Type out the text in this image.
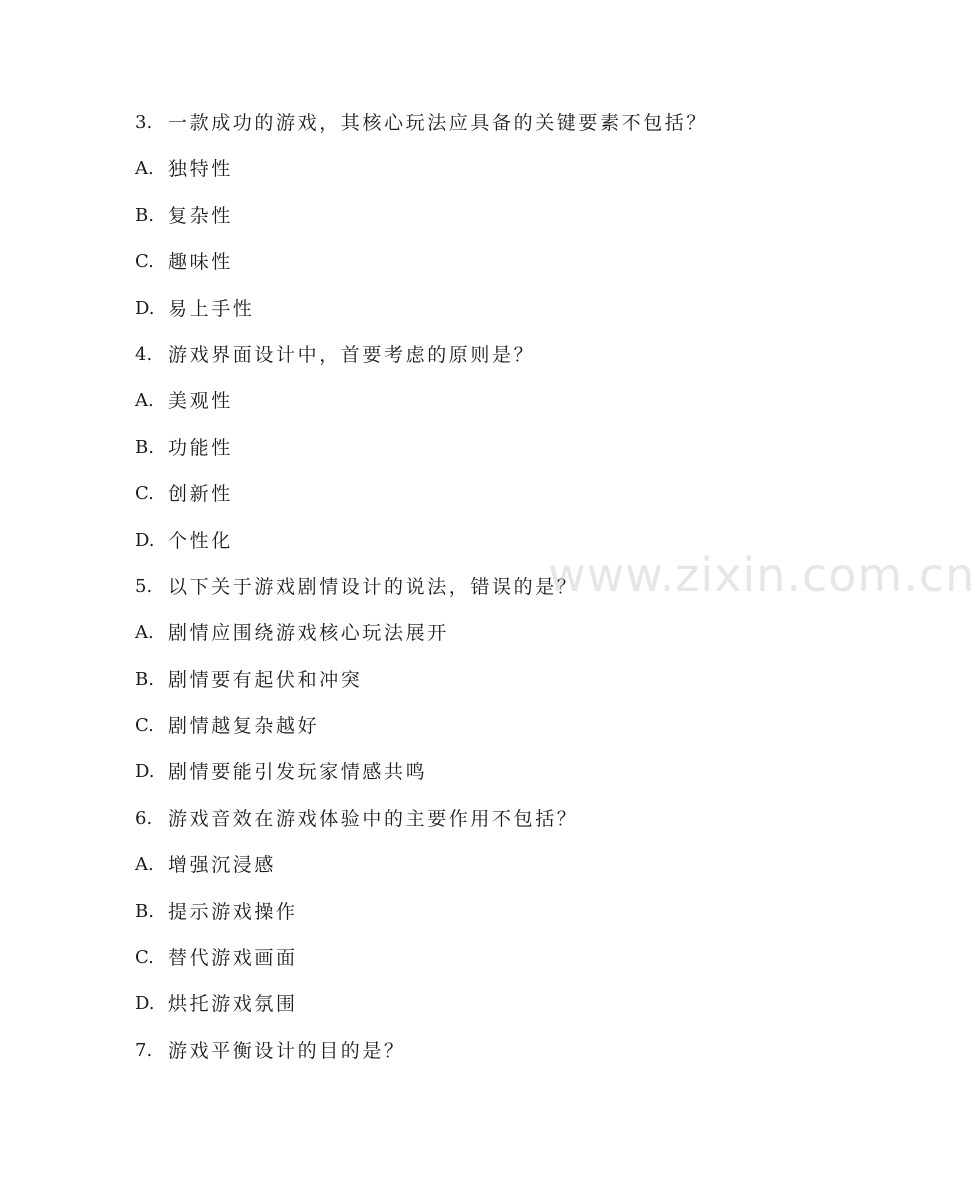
3. 一款成功的游戏，其核心玩法应具备的关键要素不包括？
A. 独特性
B. 复杂性
C. 趣味性
D. 易上手性
4. 游戏界面设计中，首要考虑的原则是？
A. 美观性
B. 功能性
C. 创新性
D. 个性化
5. 以下关于游戏剧情设计的说法，错误的是？
A. 剧情应围绕游戏核心玩法展开
B. 剧情要有起伏和冲突
C. 剧情越复杂越好
D. 剧情要能引发玩家情感共鸣
6. 游戏音效在游戏体验中的主要作用不包括？
A. 增强沉浸感
B. 提示游戏操作
C. 替代游戏画面
D. 烘托游戏氛围
7. 游戏平衡设计的目的是？
www.zixin.com.cn
